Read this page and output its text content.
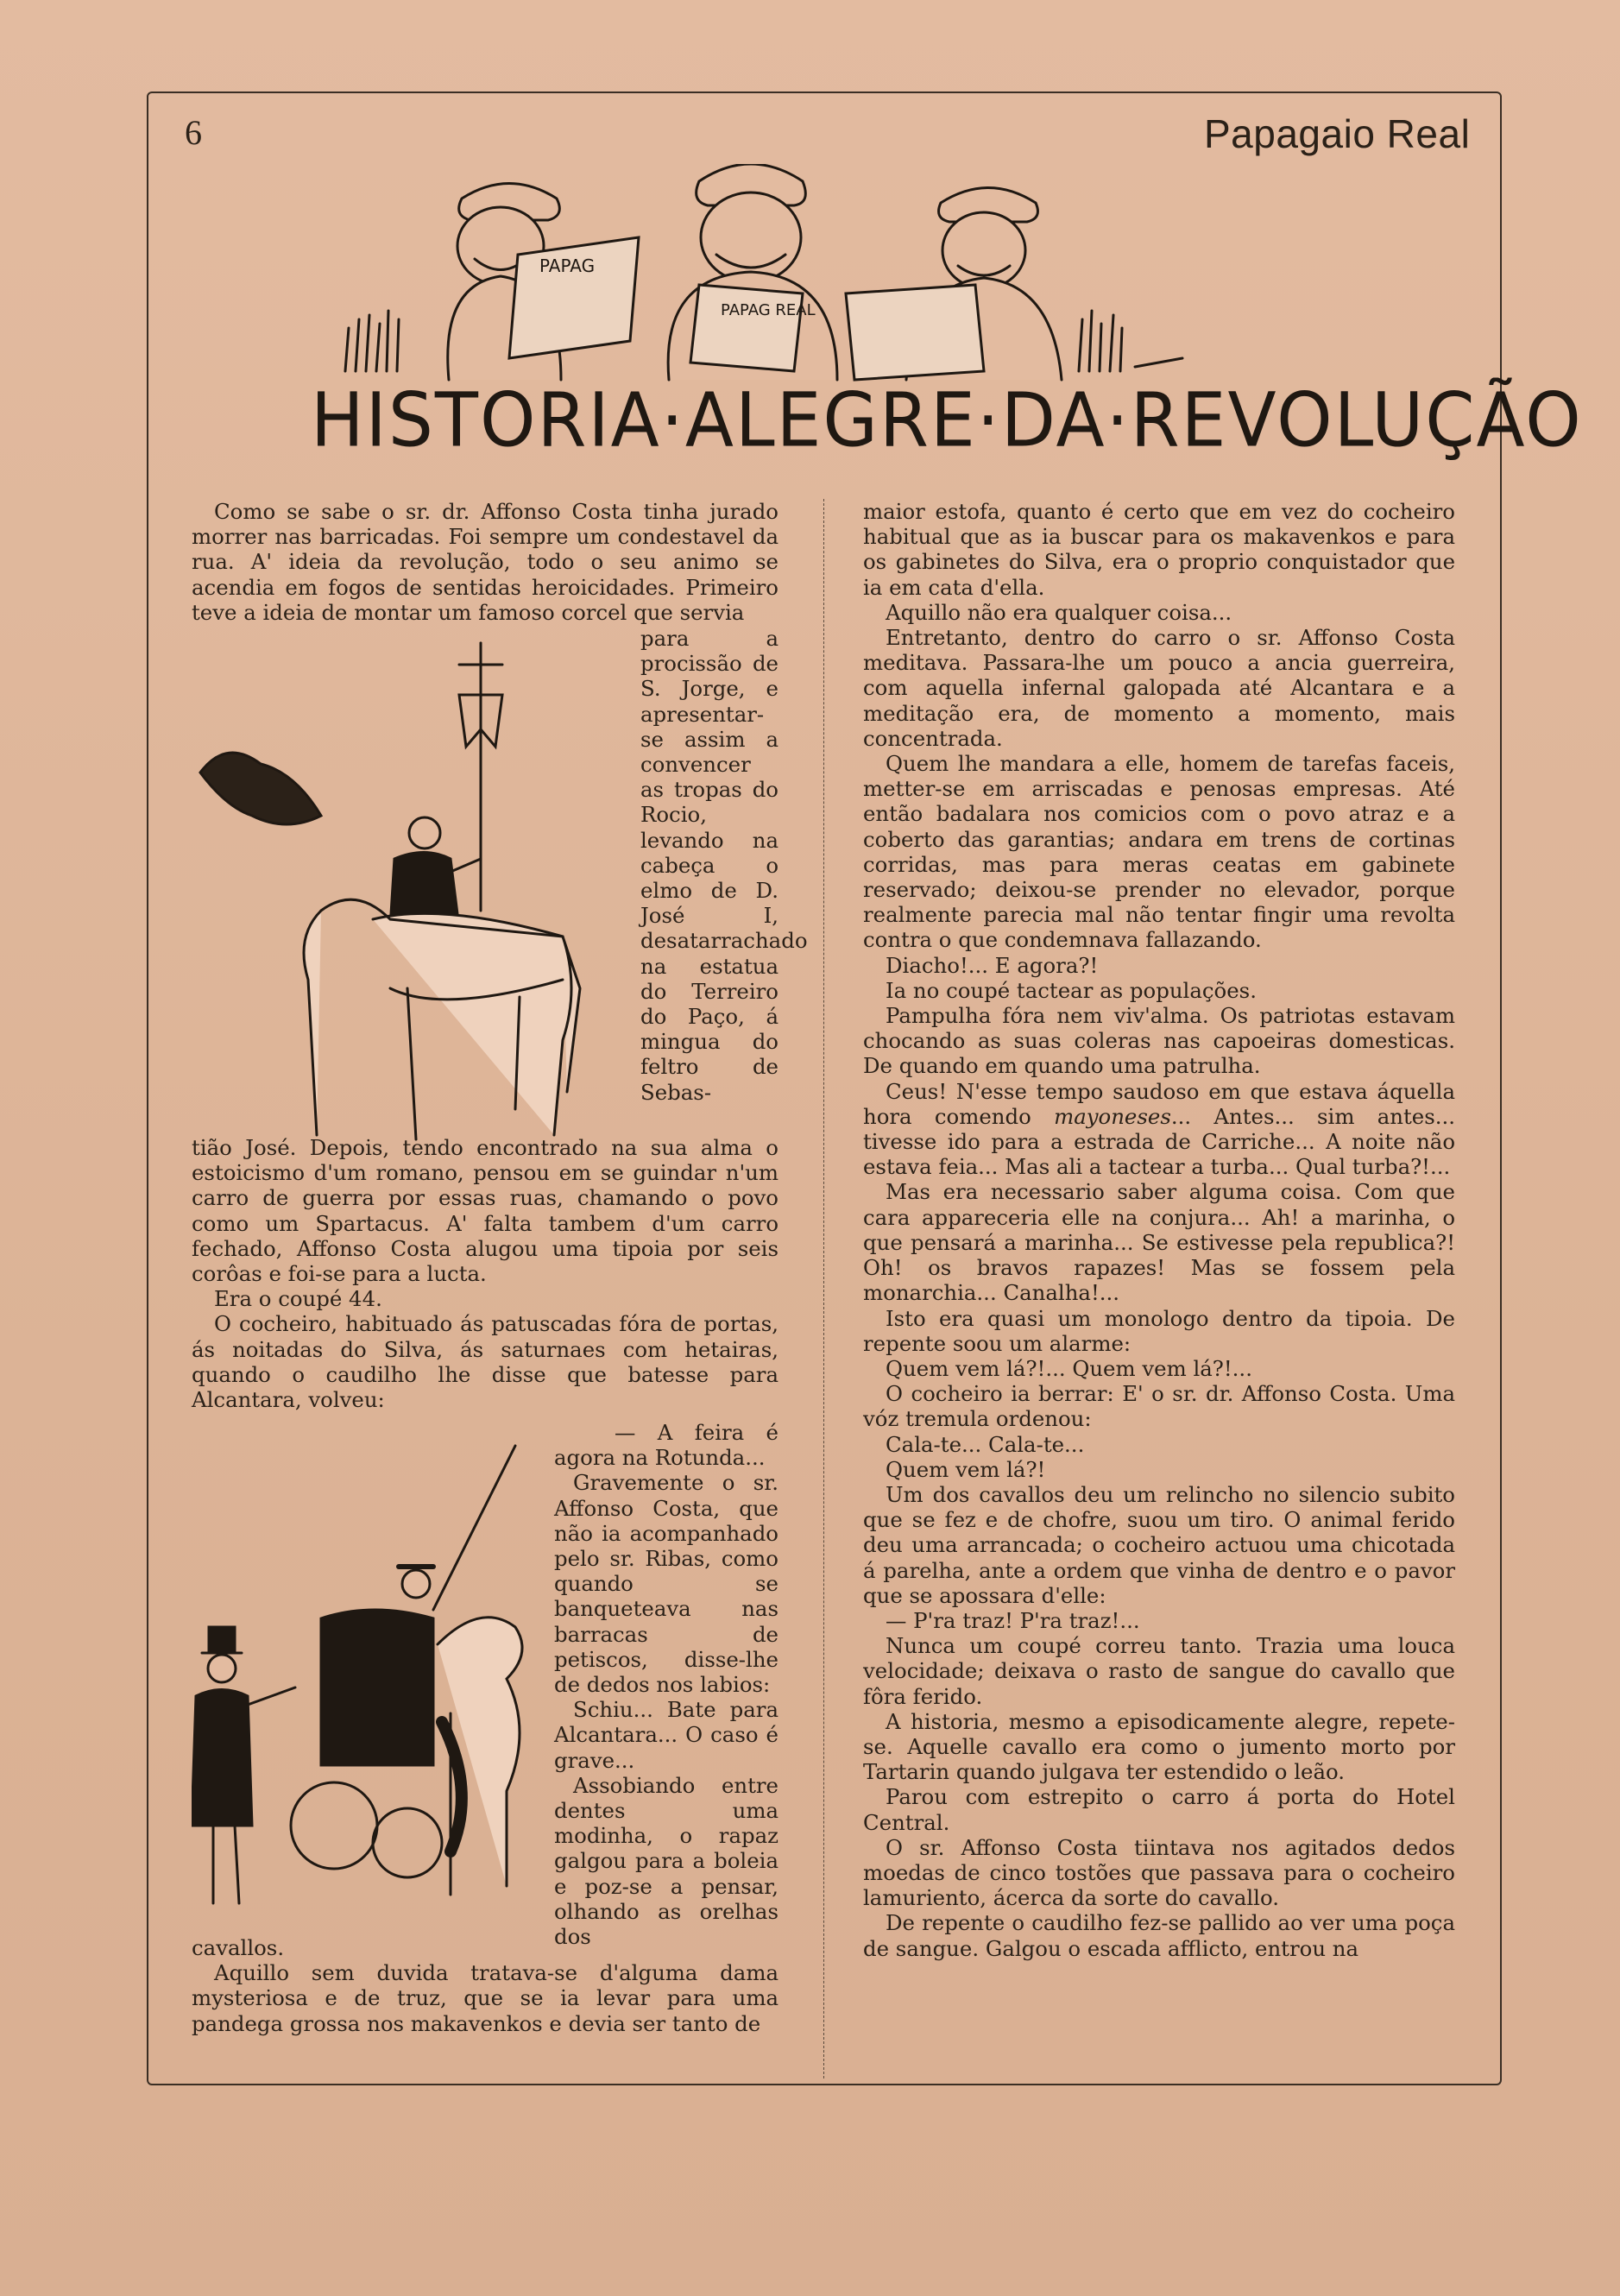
6	Papagaio Real
PAPAG
PAPAG REAL
HISTORIA·ALEGRE·DA·REVOLUÇÃO

Como se sabe o sr. dr. Affonso Costa tinha jurado morrer nas barricadas. Foi sempre um condestavel da rua. A' ideia da revolução, todo o seu animo se acendia em fogos de sentidas heroicidades. Primeiro teve a ideia de montar um famoso corcel que servia

para a procissão de S. Jorge, e apresentar-se assim a convencer as tropas do Rocio, levando na cabeça o elmo de D. José I, desatarrachado na estatua do Terreiro do Paço, á mingua do feltro de Sebas-

tião José. Depois, tendo encontrado na sua alma o estoicismo d'um romano, pensou em se guindar n'um carro de guerra por essas ruas, chamando o povo como um Spartacus. A' falta tambem d'um carro fechado, Affonso Costa alugou uma tipoia por seis corôas e foi-se para a lucta.

Era o coupé 44.

O cocheiro, habituado ás patuscadas fóra de portas, ás noitadas do Silva, ás saturnaes com hetairas, quando o caudilho lhe disse que batesse para Alcantara, volveu:

— A feira é agora na Rotunda...

Gravemente o sr. Affonso Costa, que não ia acompanhado pelo sr. Ribas, como quando se banqueteava nas barracas de petiscos, disse-lhe de dedos nos labios:

Schiu... Bate para Alcantara... O caso é grave...

Assobiando entre dentes uma modinha, o rapaz galgou para a boleia e poz-se a pensar, olhando as orelhas dos

cavallos.

Aquillo sem duvida tratava-se d'alguma dama mysteriosa e de truz, que se ia levar para uma pandega grossa nos makavenkos e devia ser tanto de

maior estofa, quanto é certo que em vez do cocheiro habitual que as ia buscar para os makavenkos e para os gabinetes do Silva, era o proprio conquistador que ia em cata d'ella.

Aquillo não era qualquer coisa...

Entretanto, dentro do carro o sr. Affonso Costa meditava. Passara-lhe um pouco a ancia guerreira, com aquella infernal galopada até Alcantara e a meditação era, de momento a momento, mais concentrada.

Quem lhe mandara a elle, homem de tarefas faceis, metter-se em arriscadas e penosas empresas. Até então badalara nos comicios com o povo atraz e a coberto das garantias; andara em trens de cortinas corridas, mas para meras ceatas em gabinete reservado; deixou-se prender no elevador, porque realmente parecia mal não tentar fingir uma revolta contra o que condemnava fallazando.

Diacho!... E agora?!

Ia no coupé tactear as populações.

Pampulha fóra nem viv'alma. Os patriotas estavam chocando as suas coleras nas capoeiras domesticas. De quando em quando uma patrulha.

Ceus! N'esse tempo saudoso em que estava áquella hora comendo mayoneses... Antes... sim antes... tivesse ido para a estrada de Carriche... A noite não estava feia... Mas ali a tactear a turba... Qual turba?!...

Mas era necessario saber alguma coisa. Com que cara appareceria elle na conjura... Ah! a marinha, o que pensará a marinha... Se estivesse pela republica?! Oh! os bravos rapazes! Mas se fossem pela monarchia... Canalha!...

Isto era quasi um monologo dentro da tipoia. De repente soou um alarme:

Quem vem lá?!... Quem vem lá?!...

O cocheiro ia berrar: E' o sr. dr. Affonso Costa. Uma vóz tremula ordenou:

Cala-te... Cala-te...

Quem vem lá?!

Um dos cavallos deu um relincho no silencio subito que se fez e de chofre, suou um tiro. O animal ferido deu uma arrancada; o cocheiro actuou uma chicotada á parelha, ante a ordem que vinha de dentro e o pavor que se apossara d'elle:

— P'ra traz! P'ra traz!...

Nunca um coupé correu tanto. Trazia uma louca velocidade; deixava o rasto de sangue do cavallo que fôra ferido.

A historia, mesmo a episodicamente alegre, repete-se. Aquelle cavallo era como o jumento morto por Tartarin quando julgava ter estendido o leão.

Parou com estrepito o carro á porta do Hotel Central.

O sr. Affonso Costa tiintava nos agitados dedos moedas de cinco tostões que passava para o cocheiro lamuriento, ácerca da sorte do cavallo.

De repente o caudilho fez-se pallido ao ver uma poça de sangue. Galgou o escada afflicto, entrou na
